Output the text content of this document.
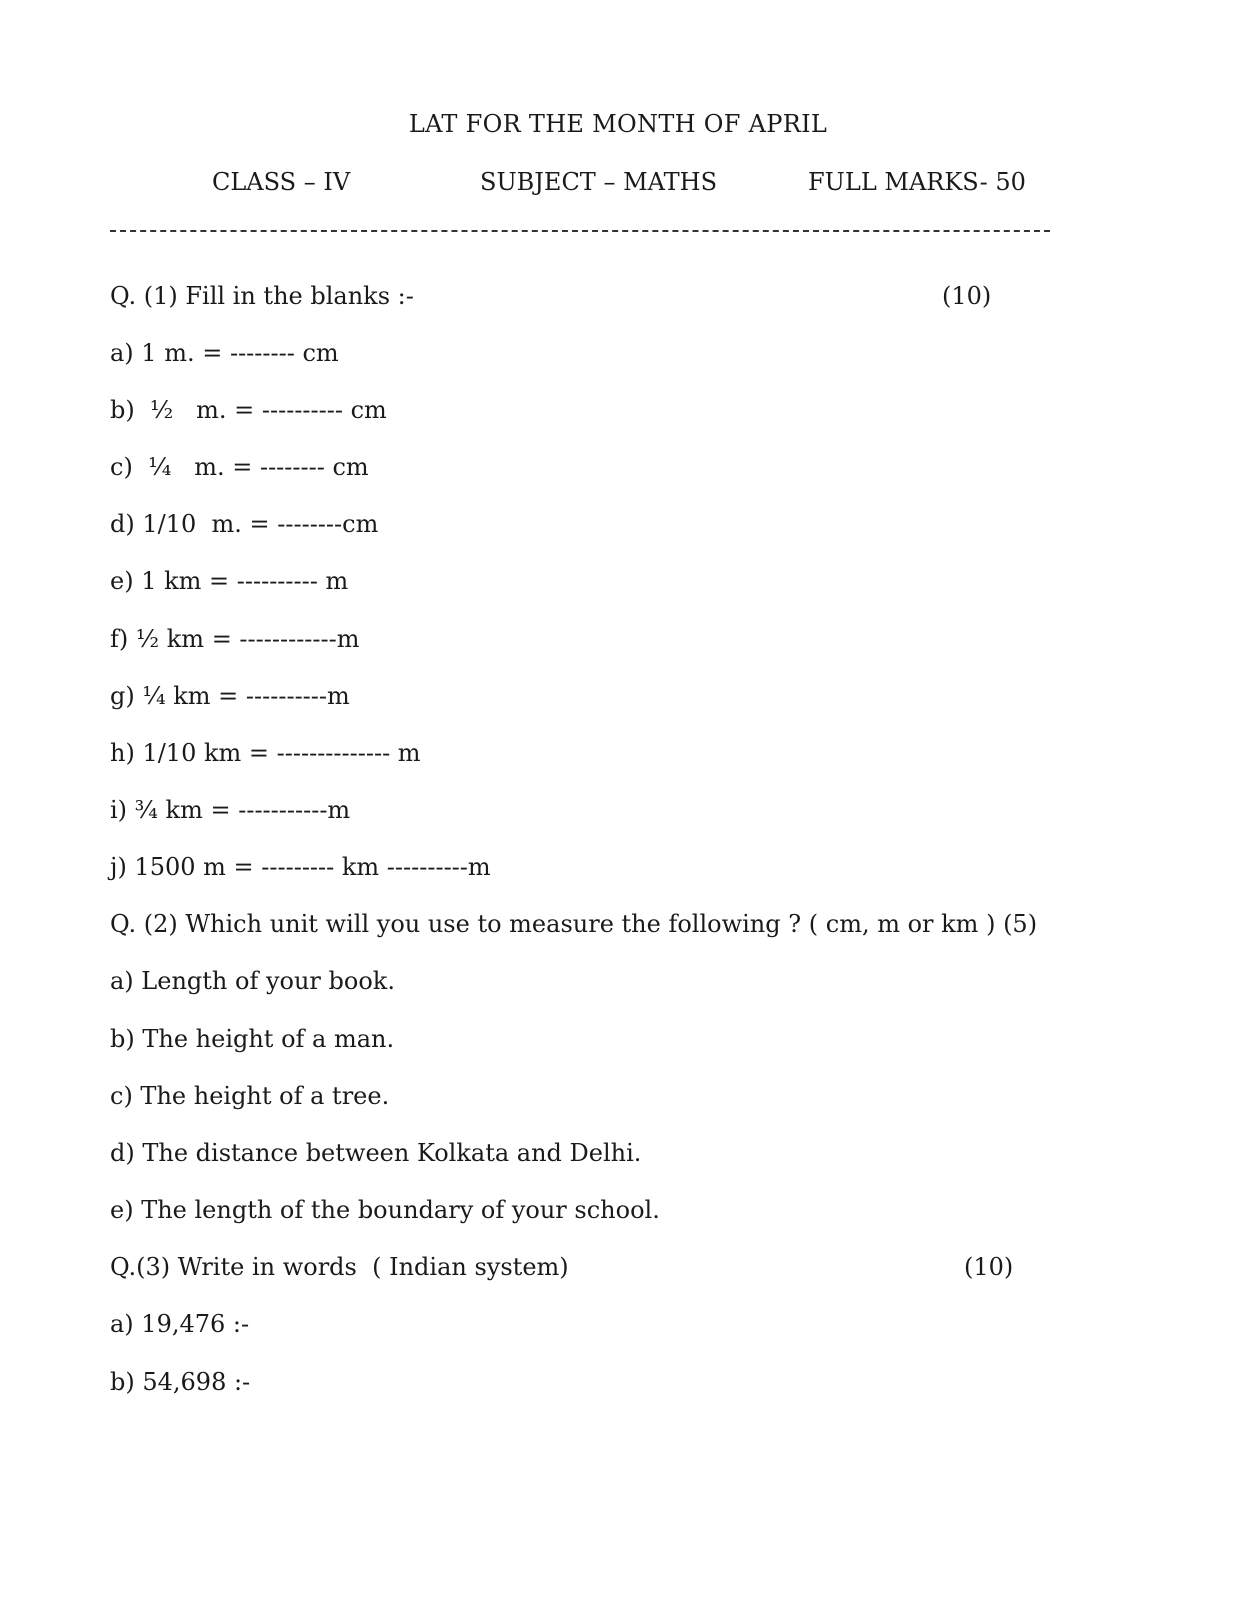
LAT FOR THE MONTH OF APRIL
CLASS – IV	SUBJECT – MATHS	FULL MARKS- 50
Q. (1) Fill in the blanks :-	(10)
a) 1 m. = -------- cm
b)  ½   m. = ---------- cm
c)  ¼   m. = -------- cm
d) 1/10  m. = --------cm
e) 1 km = ---------- m
f) ½ km = ------------m
g) ¼ km = ----------m
h) 1/10 km = -------------- m
i) ¾ km = -----------m
j) 1500 m = --------- km ----------m
Q. (2) Which unit will you use to measure the following ? ( cm, m or km ) (5)
a) Length of your book.
b) The height of a man.
c) The height of a tree.
d) The distance between Kolkata and Delhi.
e) The length of the boundary of your school.
Q.(3) Write in words  ( Indian system)	(10)
a) 19,476 :-
b) 54,698 :-
